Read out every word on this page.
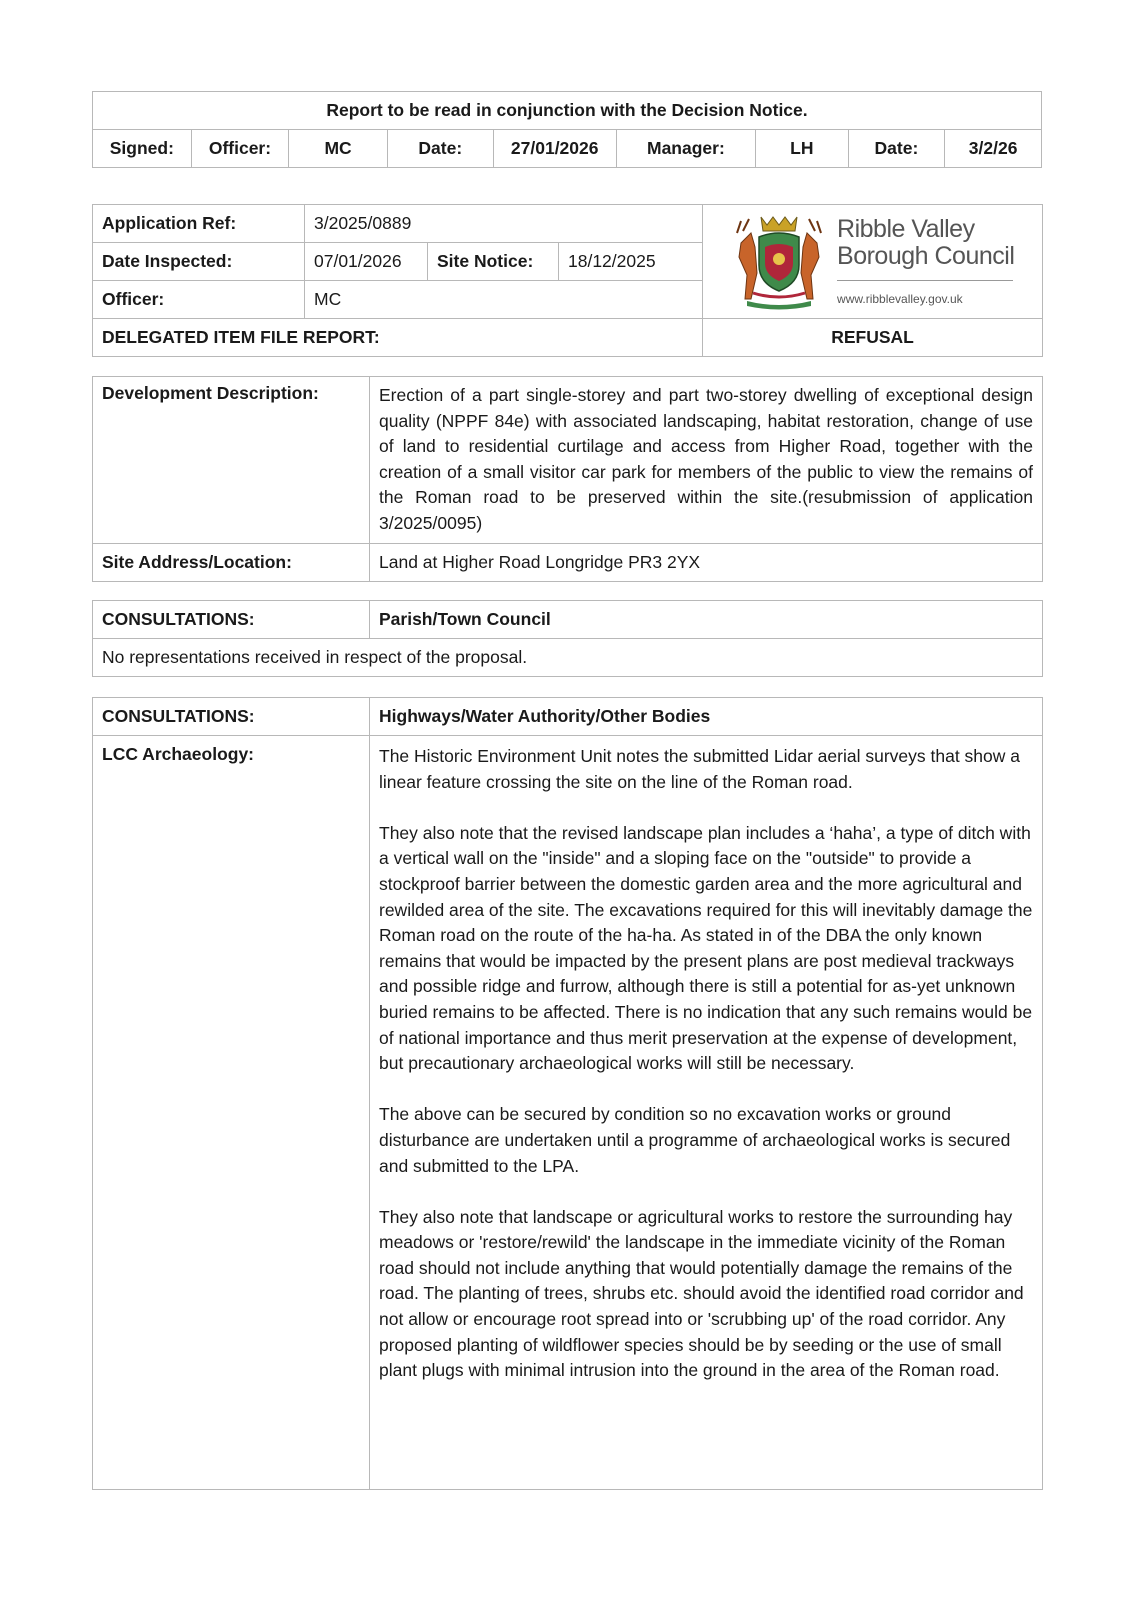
Report to be read in conjunction with the Decision Notice.
Signed:	Officer:	MC	Date:	27/01/2026	Manager:	LH	Date:	3/2/26
Application Ref:	3/2025/0889			Ribble Valley
Borough Council
www.ribblevalley.gov.uk

Date Inspected:	07/01/2026	Site Notice:	18/12/2025	
Officer:	MC			
DELEGATED ITEM FILE REPORT:				REFUSAL
Development Description:	Erection of a part single-storey and part two-storey dwelling of exceptional design quality (NPPF 84e) with associated landscaping, habitat restoration, change of use of land to residential curtilage and access from Higher Road, together with the creation of a small visitor car park for members of the public to view the remains of the Roman road to be preserved within the site.(resubmission of application 3/2025/0095)
Site Address/Location:	Land at Higher Road Longridge PR3 2YX
CONSULTATIONS:	Parish/Town Council
No representations received in respect of the proposal.
CONSULTATIONS:	Highways/Water Authority/Other Bodies
LCC Archaeology:	The Historic Environment Unit notes the submitted Lidar aerial surveys that show a linear feature crossing the site on the line of the Roman road.

They also note that the revised landscape plan includes a ‘haha’, a type of ditch with a vertical wall on the "inside" and a sloping face on the "outside" to provide a stockproof barrier between the domestic garden area and the more agricultural and rewilded area of the site. The excavations required for this will inevitably damage the Roman road on the route of the ha-ha. As stated in of the DBA the only known remains that would be impacted by the present plans are post medieval trackways and possible ridge and furrow, although there is still a potential for as-yet unknown buried remains to be affected. There is no indication that any such remains would be of national importance and thus merit preservation at the expense of development, but precautionary archaeological works will still be necessary.

The above can be secured by condition so no excavation works or ground disturbance are undertaken until a programme of archaeological works is secured and submitted to the LPA.

They also note that landscape or agricultural works to restore the surrounding hay meadows or 'restore/rewild' the landscape in the immediate vicinity of the Roman road should not include anything that would potentially damage the remains of the road. The planting of trees, shrubs etc. should avoid the identified road corridor and not allow or encourage root spread into or 'scrubbing up' of the road corridor. Any proposed planting of wildflower species should be by seeding or the use of small plant plugs with minimal intrusion into the ground in the area of the Roman road.
